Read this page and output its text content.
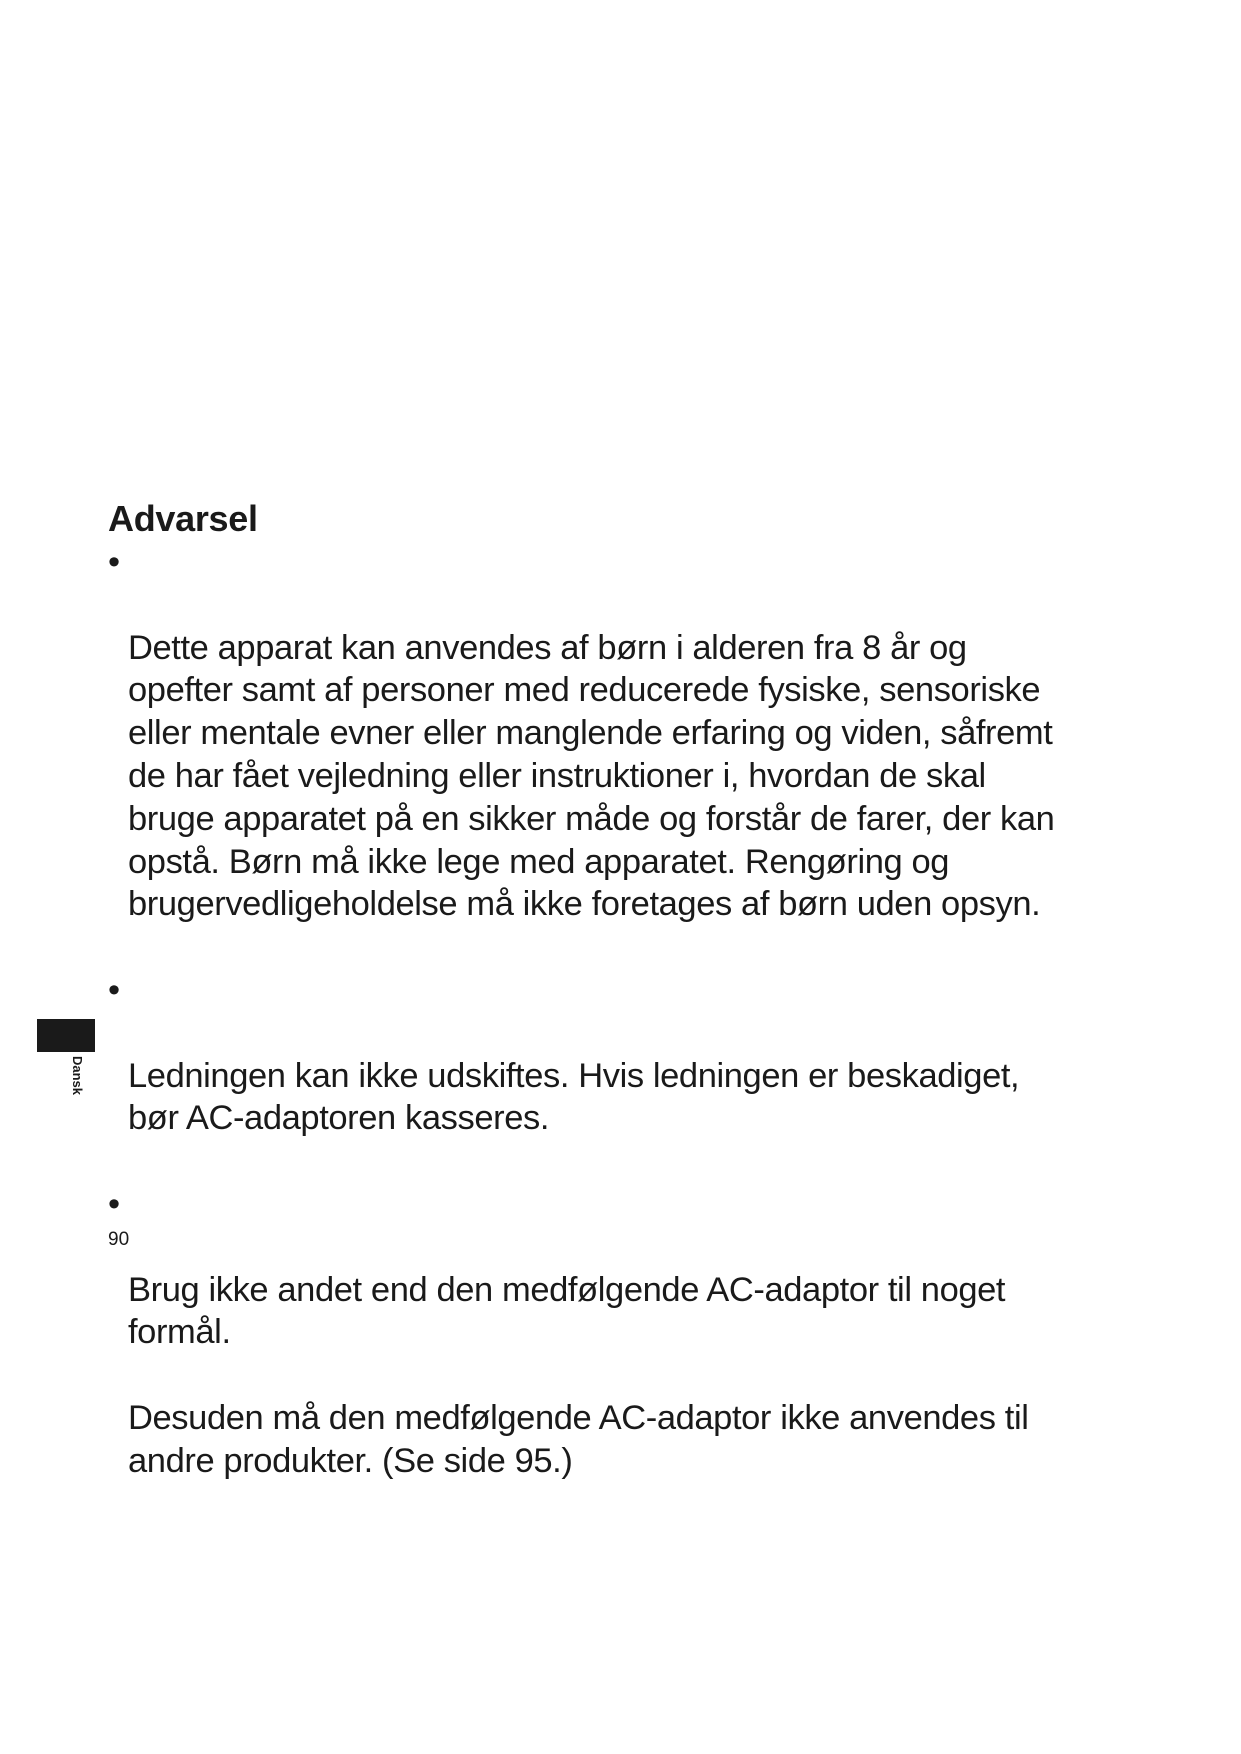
Advarsel

•

Dette apparat kan anvendes af børn i alderen fra 8 år og
opefter samt af personer med reducerede fysiske, sensoriske
eller mentale evner eller manglende erfaring og viden, såfremt
de har fået vejledning eller instruktioner i, hvordan de skal
bruge apparatet på en sikker måde og forstår de farer, der kan
opstå. Børn må ikke lege med apparatet. Rengøring og
brugervedligeholdelse må ikke foretages af børn uden opsyn.

•

Ledningen kan ikke udskiftes. Hvis ledningen er beskadiget,
bør AC-adaptoren kasseres.

•

Brug ikke andet end den medfølgende AC-adaptor til noget
formål.

Desuden må den medfølgende AC-adaptor ikke anvendes til
andre produkter. (Se side 95.)

Dansk
90
